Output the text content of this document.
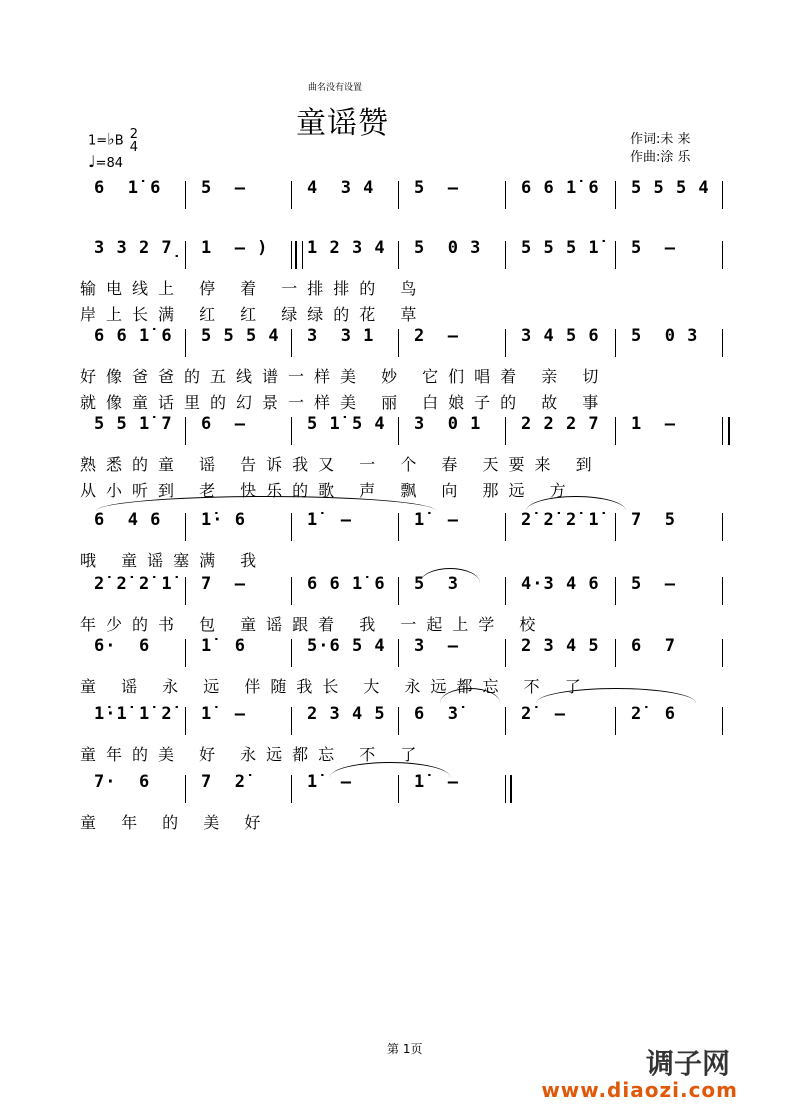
曲名没有设置
童谣赞
1=♭B 2
4
♩=84
作词:未 来
作曲:涂 乐
6  1̇ 6 5  –	4  3 4 5  –	6 6 1̇ 6 5 5 5 4
3 3 2 7̣ 1  – ) 1 2 3 4 5  0 3 5 5 5 1̇ 5  –
输电线上 停 着 一排排的 鸟
岸上长满 红 红 绿绿的花 草
6 6 1̇ 6 5 5 5 4 3  3 1 2  –	3 4 5 6 5  0 3
好像爸爸的五线谱一样美 妙 它们唱着 亲 切
就像童话里的幻景一样美 丽 白娘子的 故 事
5 5 1̇ 7 6  –	5 1̇ 5 4 3  0 1 2 2 2 7 1  –
熟悉的童 谣 告诉我又 一 个 春 天要来 到
从小听到 老 快乐的歌 声 飘 向 那远 方
6  4 6 1̇· 6	1̇  –	1̇  –	2̇ 2̇ 2̇ 1̇ 7  5
哦 童谣塞满 我
2̇ 2̇ 2̇ 1̇ 7  –	6 6 1̇ 6 5  3	4·3 4 6 5  –
年少的书 包 童谣跟着 我 一起上学 校
6·  6	1̇  6	5·6 5 4 3  –	2 3 4 5 6  7
童 谣 永 远 伴随我长 大 永远都忘 不 了
1̇·1̇ 1̇ 2̇ 1̇  –	2 3 4 5 6  3̇	2̇  –	2̇  6
童年的美 好 永远都忘 不 了
7·  6	7  2̇	1̇  –	1̇  –
童 年 的 美 好
第 1页	调子网
www.diaozi.com
